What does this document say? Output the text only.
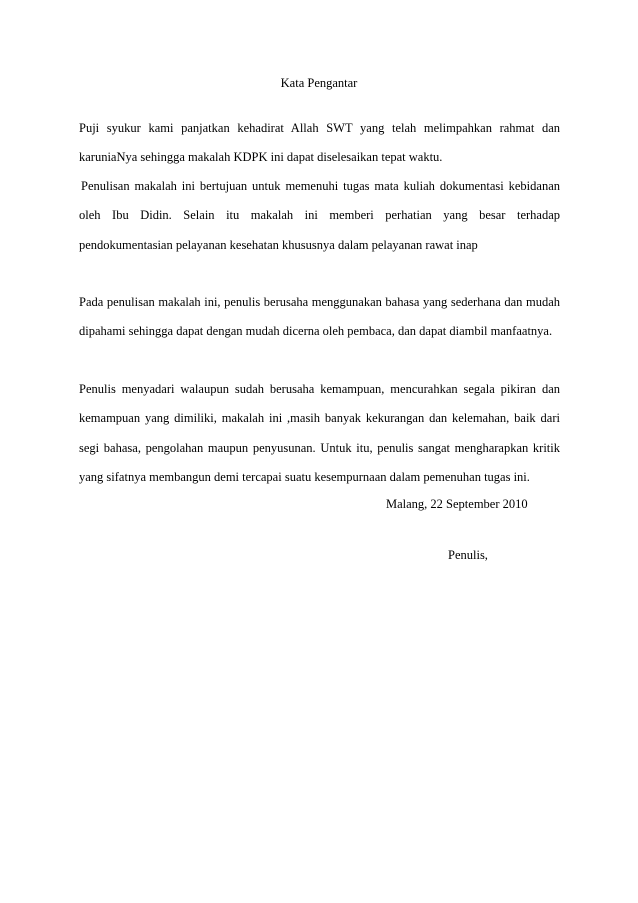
Kata Pengantar

Puji syukur kami panjatkan kehadirat Allah SWT yang telah melimpahkan rahmat dan karuniaNya sehingga makalah KDPK ini dapat diselesaikan tepat waktu.

Penulisan makalah ini bertujuan untuk memenuhi tugas mata kuliah dokumentasi kebidanan oleh Ibu Didin. Selain itu makalah ini memberi perhatian yang besar terhadap pendokumentasian pelayanan kesehatan khususnya dalam pelayanan rawat inap

Pada penulisan makalah ini, penulis berusaha menggunakan bahasa yang sederhana dan mudah dipahami sehingga dapat dengan mudah dicerna oleh pembaca, dan dapat diambil manfaatnya.

Penulis menyadari walaupun sudah berusaha kemampuan, mencurahkan segala pikiran dan kemampuan yang dimiliki, makalah ini ,masih banyak kekurangan dan kelemahan, baik dari segi bahasa, pengolahan maupun penyusunan. Untuk itu, penulis sangat mengharapkan kritik yang sifatnya membangun demi tercapai suatu kesempurnaan dalam pemenuhan tugas ini.

Malang, 22 September 2010
Penulis,
